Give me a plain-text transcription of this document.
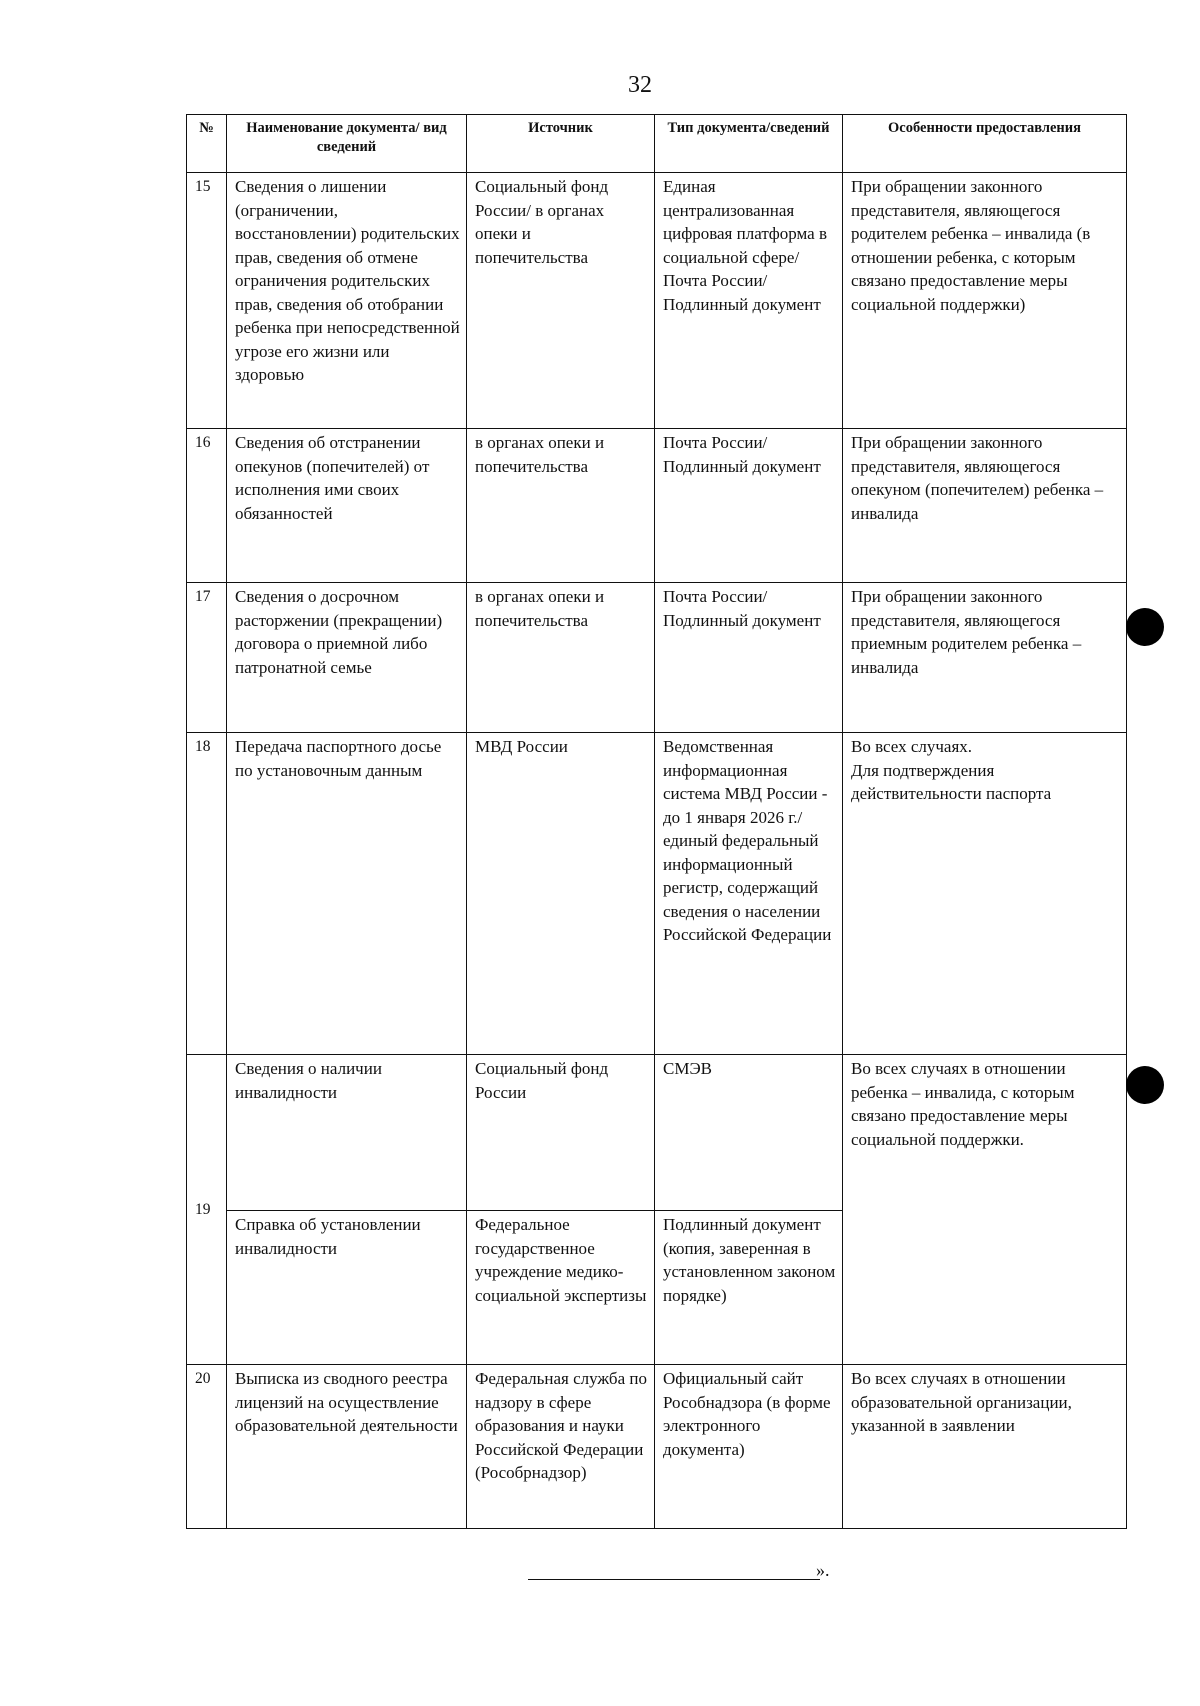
32
№	Наименование документа/ вид сведений	Источник	Тип документа/сведений	Особенности предоставления
15	Сведения о лишении (ограничении, восстановлении) родительских прав, сведения об отмене ограничения родительских прав, сведения об отобрании ребенка при непосредственной угрозе его жизни или здоровью	Социальный фонд России/ в органах опеки и попечительства	Единая централизованная цифровая платформа в социальной сфере/ Почта России/ Подлинный документ	При обращении законного представителя, являющегося родителем ребенка – инвалида (в отношении ребенка, с которым связано предоставление меры социальной поддержки)
16	Сведения об отстранении опекунов (попечителей) от исполнения ими своих обязанностей	в органах опеки и попечительства	Почта России/ Подлинный документ	При обращении законного представителя, являющегося опекуном (попечителем) ребенка – инвалида
17	Сведения о досрочном расторжении (прекращении) договора о приемной либо патронатной семье	в органах опеки и попечительства	Почта России/ Подлинный документ	При обращении законного представителя, являющегося приемным родителем ребенка – инвалида
18	Передача паспортного досье по установочным данным	МВД России	Ведомственная информационная система МВД России - до 1 января 2026 г./единый федеральный информационный регистр, содержащий сведения о населении Российской Федерации	Во всех случаях.
Для подтверждения действительности паспорта

19	Сведения о наличии инвалидности	Социальный фонд России	СМЭВ	Во всех случаях в отношении ребенка – инвалида, с которым связано предоставление меры социальной поддержки.
	Справка об установлении инвалидности	Федеральное государственное учреждение медико-социальной экспертизы	Подлинный документ (копия, заверенная в установленном законом порядке)	
20	Выписка из сводного реестра лицензий на осуществление образовательной деятельности	Федеральная служба по надзору в сфере образования и науки Российской Федерации (Рособрнадзор)	Официальный сайт Рособнадзора (в форме электронного документа)	Во всех случаях в отношении образовательной организации, указанной в заявлении
».
